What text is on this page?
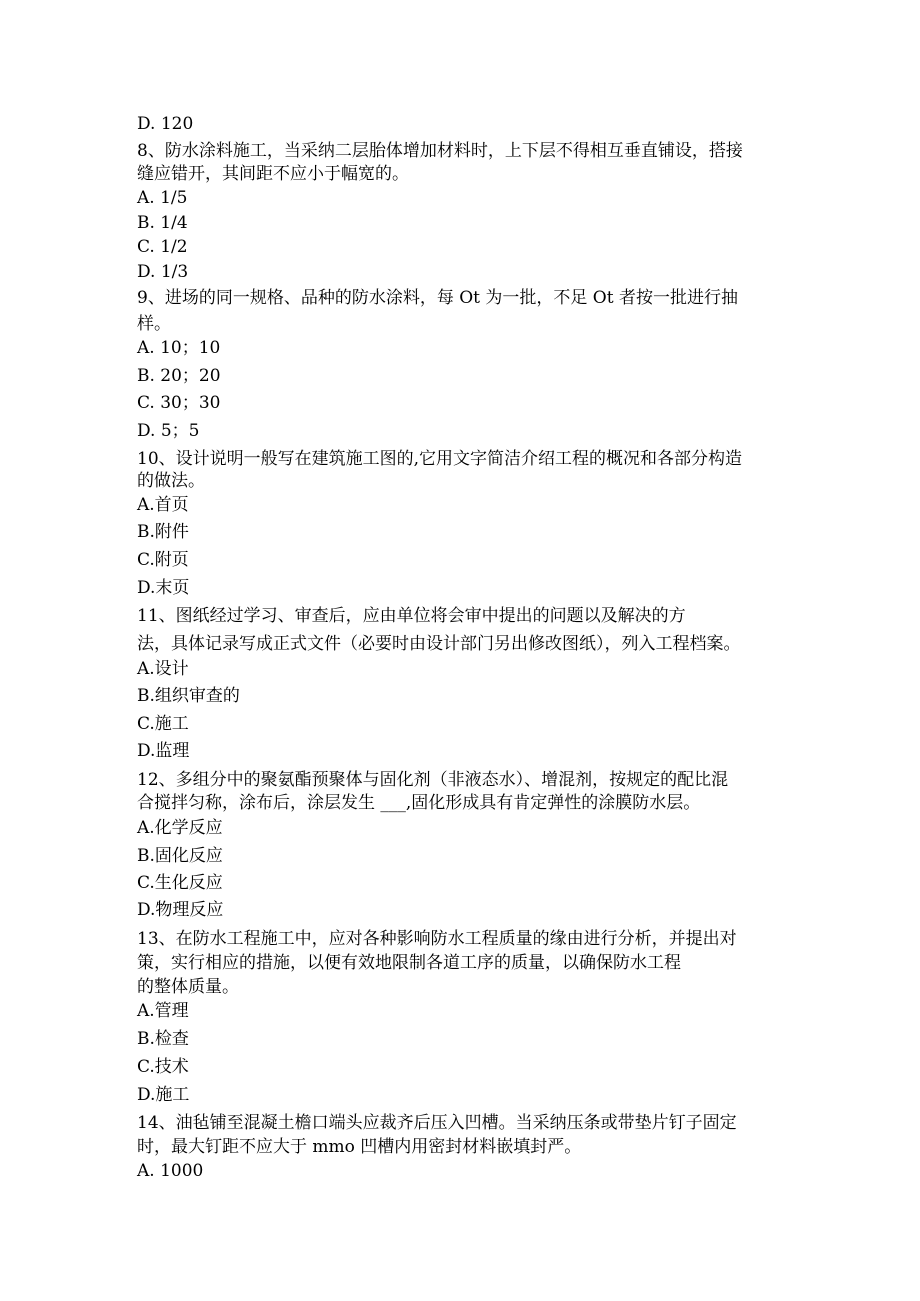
D. 120
8、防水涂料施工，当采纳二层胎体增加材料时，上下层不得相互垂直铺设，搭接
缝应错开，其间距不应小于幅宽的。
A. 1/5
B. 1/4
C. 1/2
D. 1/3
9、进场的同一规格、品种的防水涂料，每 Ot 为一批，不足 Ot 者按一批进行抽
样。
A. 10；10
B. 20；20
C. 30；30
D. 5；5
10、设计说明一般写在建筑施工图的,它用文字简洁介绍工程的概况和各部分构造
的做法。
A.首页
B.附件
C.附页
D.末页
11、图纸经过学习、审查后，应由单位将会审中提出的问题以及解决的方
法，具体记录写成正式文件（必要时由设计部门另出修改图纸），列入工程档案。
A.设计
B.组织审查的
C.施工
D.监理
12、多组分中的聚氨酯预聚体与固化剂（非液态水）、增混剂，按规定的配比混
合搅拌匀称，涂布后，涂层发生 ___,固化形成具有肯定弹性的涂膜防水层。
A.化学反应
B.固化反应
C.生化反应
D.物理反应
13、在防水工程施工中，应对各种影响防水工程质量的缘由进行分析，并提出对
策，实行相应的措施，以便有效地限制各道工序的质量，以确保防水工程
的整体质量。
A.管理
B.检查
C.技术
D.施工
14、油毡铺至混凝土檐口端头应裁齐后压入凹槽。当采纳压条或带垫片钉子固定
时，最大钉距不应大于 mmo 凹槽内用密封材料嵌填封严。
A. 1000
